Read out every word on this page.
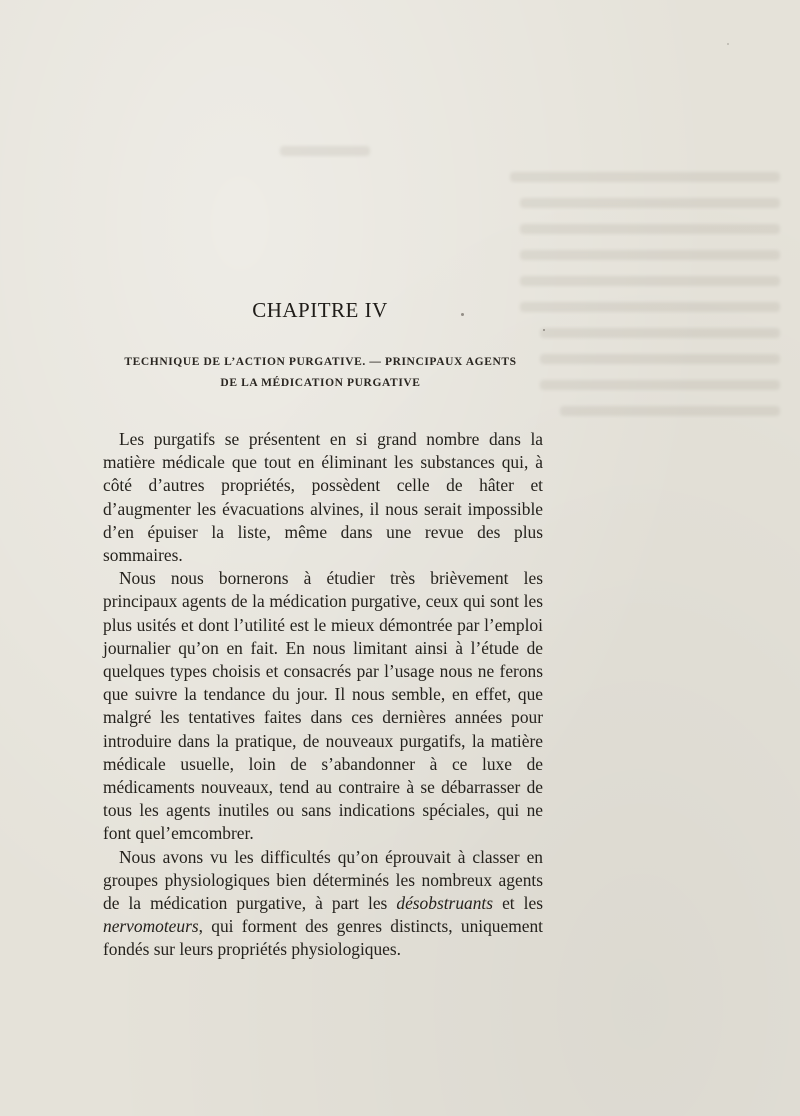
CHAPITRE IV
TECHNIQUE DE L’ACTION PURGATIVE. — PRINCIPAUX AGENTS
DE LA MÉDICATION PURGATIVE

Les purgatifs se présentent en si grand nombre dans la matière médicale que tout en éliminant les substances qui, à côté d’autres propriétés, possèdent celle de hâter et d’augmenter les évacuations alvines, il nous serait impossible d’en épuiser la liste, même dans une revue des plus sommaires.

Nous nous bornerons à étudier très brièvement les principaux agents de la médication purgative, ceux qui sont les plus usités et dont l’utilité est le mieux démontrée par l’emploi journalier qu’on en fait. En nous limitant ainsi à l’étude de quelques types choisis et consacrés par l’usage nous ne ferons que suivre la tendance du jour. Il nous semble, en effet, que malgré les tentatives faites dans ces dernières années pour introduire dans la pratique, de nouveaux purgatifs, la matière médicale usuelle, loin de s’abandonner à ce luxe de médicaments nouveaux, tend au contraire à se débarrasser de tous les agents inutiles ou sans indications spéciales, qui ne font quel’emcombrer.

Nous avons vu les difficultés qu’on éprouvait à classer en groupes physiologiques bien déterminés les nombreux agents de la médication purgative, à part les désobstruants et les nervomoteurs, qui forment des genres distincts, uniquement fondés sur leurs propriétés physiologiques.
